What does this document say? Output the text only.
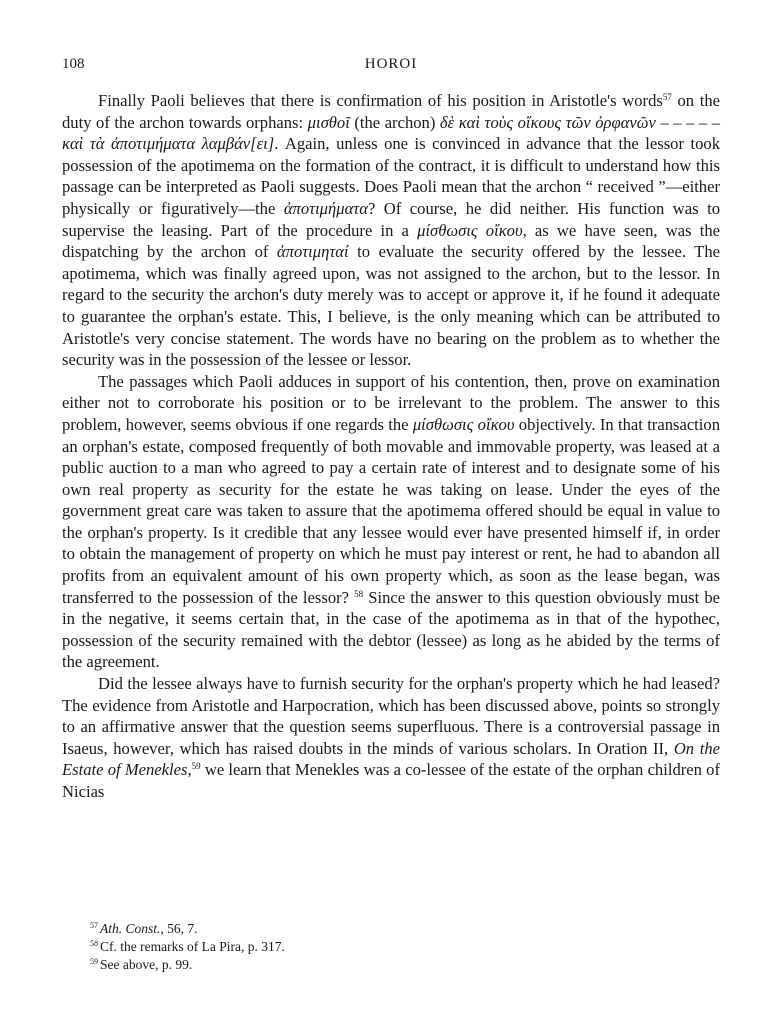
108	HOROI

Finally Paoli believes that there is confirmation of his position in Aristotle's words$^{57}$ on the duty of the archon towards orphans: μισθοῖ (the archon) δὲ καὶ τοὺς οἴκους τῶν ὀρφανῶν – – – – – καὶ τὰ ἀποτιμήματα λαμβάν[ει]. Again, unless one is convinced in advance that the lessor took possession of the apotimema on the formation of the contract, it is difficult to understand how this passage can be interpreted as Paoli suggests. Does Paoli mean that the archon “ received ”—either physically or figuratively—the ἀποτιμήματα? Of course, he did neither. His function was to supervise the leasing. Part of the procedure in a μίσθωσις οἴκου, as we have seen, was the dispatching by the archon of ἀποτιμηταί to evaluate the security offered by the lessee. The apotimema, which was finally agreed upon, was not assigned to the archon, but to the lessor. In regard to the security the archon's duty merely was to accept or approve it, if he found it adequate to guarantee the orphan's estate. This, I believe, is the only meaning which can be attributed to Aristotle's very concise statement. The words have no bearing on the problem as to whether the security was in the possession of the lessee or lessor.

The passages which Paoli adduces in support of his contention, then, prove on examination either not to corroborate his position or to be irrelevant to the problem. The answer to this problem, however, seems obvious if one regards the μίσθωσις οἴκου objectively. In that transaction an orphan's estate, composed frequently of both movable and immovable property, was leased at a public auction to a man who agreed to pay a certain rate of interest and to designate some of his own real property as security for the estate he was taking on lease. Under the eyes of the government great care was taken to assure that the apotimema offered should be equal in value to the orphan's property. Is it credible that any lessee would ever have presented himself if, in order to obtain the management of property on which he must pay interest or rent, he had to abandon all profits from an equivalent amount of his own property which, as soon as the lease began, was transferred to the possession of the lessor? $^{58}$ Since the answer to this question obviously must be in the negative, it seems certain that, in the case of the apotimema as in that of the hypothec, possession of the security remained with the debtor (lessee) as long as he abided by the terms of the agreement.

Did the lessee always have to furnish security for the orphan's property which he had leased? The evidence from Aristotle and Harpocration, which has been discussed above, points so strongly to an affirmative answer that the question seems superfluous. There is a controversial passage in Isaeus, however, which has raised doubts in the minds of various scholars. In Oration II, On the Estate of Menekles,$^{59}$ we learn that Menekles was a co-lessee of the estate of the orphan children of Nicias

$^{57}$ Ath. Const., 56, 7.
$^{58}$ Cf. the remarks of La Pira, p. 317.
$^{59}$ See above, p. 99.
